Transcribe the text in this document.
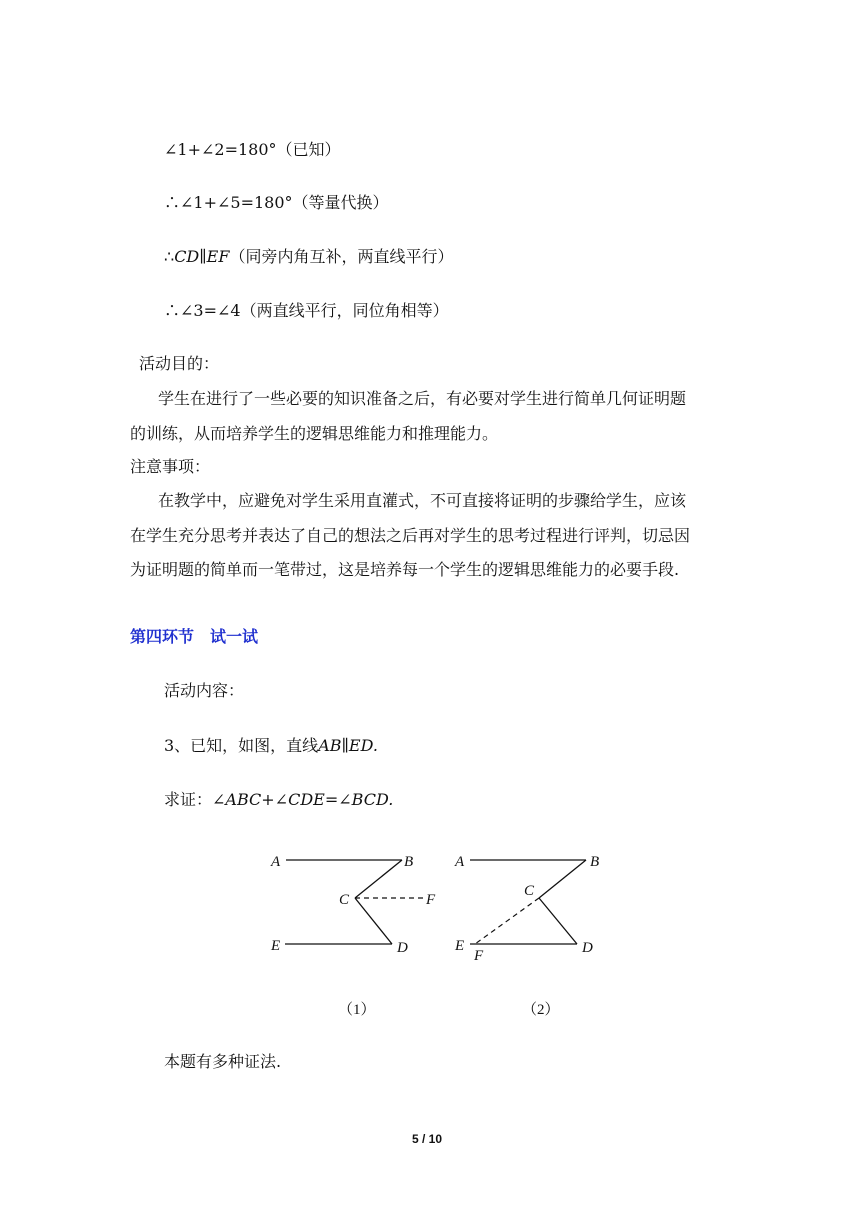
∠1+∠2=180°（已知）
∴∠1+∠5=180°（等量代换）
∴CD∥EF（同旁内角互补，两直线平行）
∴∠3=∠4（两直线平行，同位角相等）
活动目的：
学生在进行了一些必要的知识准备之后，有必要对学生进行简单几何证明题
的训练，从而培养学生的逻辑思维能力和推理能力。
注意事项：
在教学中，应避免对学生采用直灌式，不可直接将证明的步骤给学生，应该
在学生充分思考并表达了自己的想法之后再对学生的思考过程进行评判，切忌因
为证明题的简单而一笔带过，这是培养每一个学生的逻辑思维能力的必要手段.
第四环节　试一试
活动内容：
3、已知，如图，直线AB∥ED.
求证：∠ABC+∠CDE=∠BCD.
A	B
C	F
E	D
（1）
A	B
C
E
F	D
（2）
本题有多种证法.
5 / 10
